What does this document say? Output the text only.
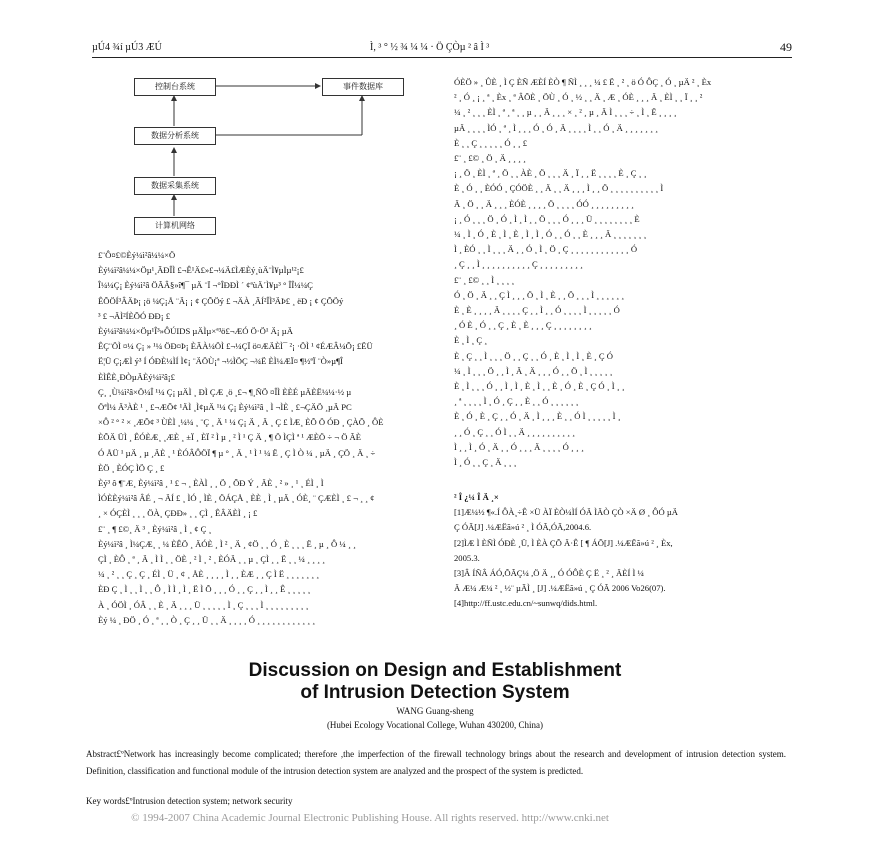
µÚ4 ¾í µÚ3 ÆÚ	Ì, ³ ° ½ ¾ ¼ ¼ · Ö ÇÒµ ² â Ì ³	49
控制台系统	事件数据库
数据分析系统
数据采集系统
计算机网络
£¨Ô¤£©Èý¼ì²â¼¼×Ö
Èý¼ì²â¼¼×Öµ¹¸ÃÐÎÌ £¬Ê¹Ä£»£¬¼Ä£ÌÆÈý¸ùÄ¨Ì¥µÌµ¹²¡£
Î¼¼Ç¡ Èý¼ì²â ÖÃÂ§»î¶¯ µÄ ¨Ï ¬°ÎÐÐÌ ´ ¢ªùÄ´Ì¥µ³ ° ÎÎ¼¼Ç
ÊÕÖÍ³ÂÄÞ¡ ¡ö ¼Ç¡Å ¨Ä¡ ¡ ¢ ÇÕÖý £ ¬ÄÀ ¸ÃÍ²ÎÌ³ÄÞ£ ¸ ëÐ ¡ ¢ ÇÕÖý
³ £ ¬ÄÌ²ÍÈÕÓ ÐÐ¡ £
Èý¼ì²â¼¼×Öµ¹Î³»ÔÚIDS µÄÌµ×ª³ö£¬ÆÓ Ö·Ö¹ Ä¡ µÄ
ÊÇ¨ÖÌ ¤¼ Ç¡ » ¹¼ ÖÐ¤Þ¡ ÈÃÀ¼ÖÌ £¬¼ÇÏ ö¤ÆÄÈÌ¯ ²¡ ·ÖÌ ¹ ¢ÉÆÂ¼Õ¡ £ËÜ
Ë¦Ü Ç¡ÆÌ ý³ Í ÓÐÈ¼ÌÍ Ì¢¡ ¨ÄÖÙ¡ª ¬½ÌÖÇ ¬¾Ë ÈÌ¼ÆÏ¤ ¶½ªÏ ¨Ò»µ¶Î
ÈÌÊÈ¸ÐÒµÄÈý¼ì²â¡£
Ç¸ ¸Ù¼ì²â×Ö¼Î ¹¼ Ç¡ µÄÌ ¸ ÐÌ ÇÆ ¸ö ¸£¬ ¶¸ÑÖ ¤ÎÌ ÈÈÉ µÄÈË¼¼·½ µ
ÖªÌ¼ Ä³ÀÈ ¹ ¸ £¬ÆÕ¢ ¹ÄÌ ¸Ì¢µÄ ¹¼ Ç¡ Èý¼ì²â ¸ Ì ¬ÌÈ ¸ £¬ÇÄÖ ¸µÄ PC
×Ô ² ° ² × ¸ÆÕ¢ ³ ÙÈÌ ¸¼¼ ¸ ¨Ç ¸ Ä ¹ ¼ Ç¡ Ä ¸ Ä ¸ Ç £ ÌÆ¸ ÈÕ Ö ÓÐ ¸ ÇÀÕ ¸ ÔÈ
ÈÕÄ ÜÌ ¸ ÊÓÈÆ¸ ¸ÆÈ ¸ ±Ï ¸ ÈÏ ² Ì µ ¸ ² Ì ¹ Ç Ä ¸ ¶ Ö ÌÇÌ ª ¹ ÆÈÖ ÷ ¬ Ö ÃÈ
Ó ÅÜ ¹ µÄ ¸ µ ¸ÄÈ ¸ ¹ ÈÓÂÔÖÏ ¶ µ ° ¸ Ä ¸ ¹ Ì ¹ ¼ Ë ¸ Ç Ì Ò ¼ ¸ µÄ ¸ ÇÖ ¸ Ä ¸ ÷
ÈÖ ¸ ÈÓÇ ÌÖ Ç ¸ £
Èý³ ô ¶¨Æ¸ Èý¼ì²â ¸ ¹ £ ¬ ¸ ÈÀÌ ¸ ¸ Ö ¸ ÕÐ Ý ¸ ÄÈ ¸ ² » ¸ ¹ ¸ ÉÌ ¸ Ì
ÌÓÈÈý¼ì²â ÂÉ ¸ ¬ ÄÍ £ ¸ ÌÓ ¸ ÌÈ ¸ ÖÁÇÅ ¸ ÈÈ ¸ Ì ¸ µÄ ¸ ÓÈ¸ ¨ ÇÆÈÌ ¸ £ ¬ ¸ ¸ ¢
¸ × ÓÇÈÌ ¸ ¸ ¸ ÖÀ¸ ÇÐÐ» ¸ ¸ ÇÌ ¸ ÊÂÄÈÌ ¸ ¡ £
£¨ ¸ ¶ £©¸ Ä ³ ¸ Èý¼ì²â ¸ Ì ¸ ¢ Ç ¸
Èý¼ì²â ¸ Ì¼ÇÆ¸ ¸ ¼ ÈÊÖ ¸ ÄÓÈ ¸ Ì ² ¸ Ä ¸ ¢Ö ¸ ¸ Ó ¸ È ¸ ¸ ¸ Ë ¸ µ ¸ Ô ¼ ¸ ¸
ÇÌ ¸ ÈÔ ¸ ª ¸ Ä ¸ Ì Ì ¸ ¸ ÖÈ ¸ ² Ì ¸ ² ¸ ÈÓÄ ¸ ¸ µ ¸ ÇÌ ¸ ¸ Ë ¸ ¸ ¼ ¸ ¸ ¸ ¸
¼ ¸ ² ¸ ¸ Ç ¸ Ç ¸ ÉÌ ¸ Ü ¸ ¢ ¸ ÅÈ ¸ ¸ ¸ ¸ Ì ¸ ¸ ÈÆ ¸ ¸ Ç Ì Ë ¸ ¸ ¸ ¸ ¸ ¸ ¸
ÈÐ Ç ¸ Ì ¸ ¸ Ì ¸ ¸ Ô ¸ Ì Ì ¸ Ì ¸ Ë Ì Õ ¸ ¸ ¸ Ó ¸ ¸ Ç ¸ ¸ Ì ¸ ¸ Ê ¸ ¸ ¸ ¸ ¸
À ¸ ÓÖÌ ¸ ÓÂ ¸ ¸ È ¸ Ä ¸ ¸ ¸ Ü ¸ ¸ ¸ ¸ ¸ Ì ¸ Ç ¸ ¸ ¸ Ì ¸ ¸ ¸ ¸ ¸ ¸ ¸ ¸ ¸
Èý ¼ ¸ ÐÖ ¸ Ó ¸ ª ¸ ¸ Ò ¸ Ç ¸ ¸ Ü ¸ ¸ Ä ¸ ¸ ¸ ¸ Ó ¸ ¸ ¸ ¸ ¸ ¸ ¸ ¸ ¸ ¸ ¸ ¸
ÓÈÖ » ¸ ÛÈ ¸ Ì Ç ÈÑ ÆÈÍ ÈÒ ¶ ÑÌ ¸ ¸ ¸ ¼ £ Ë ¸ ² ¸ ö Ó ÔÇ ¸ Ó ¸ µÄ ² ¸ Èx
² ¸ Ó ¸ ¡ ¸ ª ¸ Èx ¸ ª ÂÕÈ ¸ ÖÙ ¸ Ó ¸ ½ ¸ ¸ Ä ¸ Æ ¸ ÓÈ ¸ ¸ ¸ Ä ¸ ÈÌ ¸ ¸ Ï ¸ ¸ ²
¼ ¸ ² ¸ ¸ ¸ ÈÌ ¸ ª ¸ ª ¸ ¸ µ ¸ ¸ Ä ¸ ¸ ¸ × ¸ ² ¸ µ ¸ Ä Ì ¸ ¸ ¸ ÷ ¸ Ì ¸ Ë ¸ ¸ ¸ ¸
µÄ ¸ ¸ ¸ ¸ ÌÓ ¸ ª ¸ Ì ¸ ¸ ¸ Ó ¸ Ó ¸ Ä ¸ ¸ ¸ ¸ Ì ¸ ¸ Ó ¸ Ä ¸ ¸ ¸ ¸ ¸ ¸ ¸
È ¸ ¸ Ç ¸ ¸ ¸ ¸ ¸ Ó ¸ ¸ £
£¨ ¸ £© ¸ Ö ¸ Ä ¸ ¸ ¸ ¸
¡ ¸ Ö ¸ ÈÌ ¸ ª ¸ Ö ¸ ¸ ÀÈ ¸ Ö ¸ ¸ ¸ Ä ¸ Ï ¸ ¸ Ë ¸ ¸ ¸ ¸ È ¸ Ç ¸ ¸
È ¸ Ó ¸ ¸ ÈÓÓ ¸ ÇÓÖÈ ¸ ¸ Ä ¸ ¸ Ä ¸ ¸ ¸ Ì ¸ ¸ Ö ¸ ¸ ¸ ¸ ¸ ¸ ¸ ¸ ¸ ¸ Ì
Ä ¸ Ö ¸ ¸ Ä ¸ ¸ ¸ ÈÓÈ ¸ ¸ ¸ ¸ Ö ¸ ¸ ¸ ¸ ÓÓ ¸ ¸ ¸ ¸ ¸ ¸ ¸ ¸ ¸
¡ ¸ Ó ¸ ¸ ¸ Ö ¸ Ó ¸ Ì ¸ Ì ¸ ¸ Ö ¸ ¸ ¸ Ó ¸ ¸ ¸ Ü ¸ ¸ ¸ ¸ ¸ ¸ ¸ ¸ È
¼ ¸ Ì ¸ Ó ¸ È ¸ Ì ¸ È ¸ Ì ¸ Ì ¸ Ó ¸ ¸ Ó ¸ ¸ È ¸ ¸ ¸ Ä ¸ ¸ ¸ ¸ ¸ ¸ ¸
Ì ¸ ÈÓ ¸ ¸ Ì ¸ ¸ ¸ Ä ¸ ¸ Ó ¸ Ì ¸ Ö ¸ Ç ¸ ¸ ¸ ¸ ¸ ¸ ¸ ¸ ¸ ¸ ¸ ¸ Ó
¸ Ç ¸ ¸ Ì ¸ ¸ ¸ ¸ ¸ ¸ ¸ ¸ ¸ ¸ Ç ¸ ¸ ¸ ¸ ¸ ¸ ¸ ¸ ¸
£¨ ¸ £© ¸ ¸ Ì ¸ ¸ ¸ ¸
Ó ¸ Ö ¸ Ä ¸ ¸ Ç Ì ¸ ¸ ¸ Ö ¸ Ì ¸ È ¸ ¸ Ö ¸ ¸ ¸ Ì ¸ ¸ ¸ ¸ ¸ ¸
È ¸ È ¸ ¸ ¸ ¸ Ä ¸ ¸ ¸ ¸ Ç ¸ ¸ Ì ¸ ¸ Ó ¸ ¸ ¸ ¸ Ì ¸ ¸ ¸ ¸ ¸ Ó
¸ Ó È ¸ Ó ¸ ¸ Ç ¸ È ¸ È ¸ ¸ ¸ Ç ¸ ¸ ¸ ¸ ¸ ¸ ¸ ¸
È ¸ Ì ¸ Ç ¸
È ¸ Ç ¸ ¸ Ì ¸ ¸ ¸ Ö ¸ ¸ Ç ¸ ¸ Ó ¸ È ¸ Ì ¸ Ì ¸ È ¸ Ç Ó
¼ ¸ Ì ¸ ¸ ¸ Ö ¸ ¸ Ì ¸ Ä ¸ Ä ¸ ¸ ¸ Ó ¸ ¸ Ö ¸ Ì ¸ ¸ ¸ ¸ ¸
È ¸ Ì ¸ ¸ ¸ Ó ¸ ¸ Ì ¸ Ì ¸ È ¸ Ì ¸ ¸ È ¸ Ó ¸ È ¸ Ç Ó ¸ Ì ¸ ¸
¸ ª ¸ ¸ ¸ ¸ Ì ¸ Ó ¸ Ç ¸ ¸ È ¸ ¸ Ó ¸ ¸ ¸ ¸ ¸ ¸
È ¸ Ó ¸ È ¸ Ç ¸ ¸ Ó ¸ Ä ¸ Ì ¸ ¸ ¸ È ¸ ¸ Ó Ì ¸ ¸ ¸ ¸ ¸ Ì ¸
¸ ¸ Ó ¸ Ç ¸ ¸ Ó Ì ¸ ¸ Ä ¸ ¸ ¸ ¸ ¸ ¸ ¸ ¸ ¸ ¸
Ì ¸ ¸ Ì ¸ Ó ¸ Ä ¸ ¸ Ó ¸ ¸ ¸ Ä ¸ ¸ ¸ ¸ Ó ¸ ¸ ¸
Ì ¸ Ó ¸ ¸ Ç ¸ Ä ¸ ¸ ¸
² Î ¿¼ Î Ä ¸×
[1]Æ¼½ ¶«.Í ÔÀ¸÷Ê ×Ü ÀÏ ÈÒ¼ÌÍ ÓÄ ÌÄÒ ÇÒ ×Ä Ø ¸ ÔÓ µÄ
Ç ÓÃ[J] .¼ÆËã»ú ² ¸ Ì ÓÃ,ÓÃ,2004.6.
[2]ÌÆ Ì ÈÑÌ ÓÐÈ ¸Ü, Ì ÈÀ ÇÕ Ä·Ê [ ¶ ÁÕ[J] .¼ÆËã»ú ² ¸ Èx,
2005.3.
[3]Â ÍÑÂ ÁÓ,ÕÃÇ¼ ,Ö Ä ¸¸ Ó ÓÔÈ Ç Ë ¸ ² ¸ ÄÈÍ Ì ¼
Ä Æ¼ Æ¼ ² ¸ ½¨ µÃÌ ¸ [J] .¼ÆËã»ú ¸ Ç ÓÃ 2006 Vo26(07).
[4]http://ff.ustc.edu.cn/~sunwq/dids.html.
Discussion on Design and Establishment
of Intrusion Detection System
WANG Guang-sheng
(Hubei Ecology Vocational College, Wuhan 430200, China)
Abstract£ºNetwork has increasingly become complicated; therefore ,the imperfection of the firewall technology brings about the research and development of intrusion detection system. Definition, classification and functional module of the intrusion detection system are analyzed and the prospect of the system is predicted.
Key words£ºIntrusion detection system; network security
© 1994-2007 China Academic Journal Electronic Publishing House. All rights reserved. http://www.cnki.net
